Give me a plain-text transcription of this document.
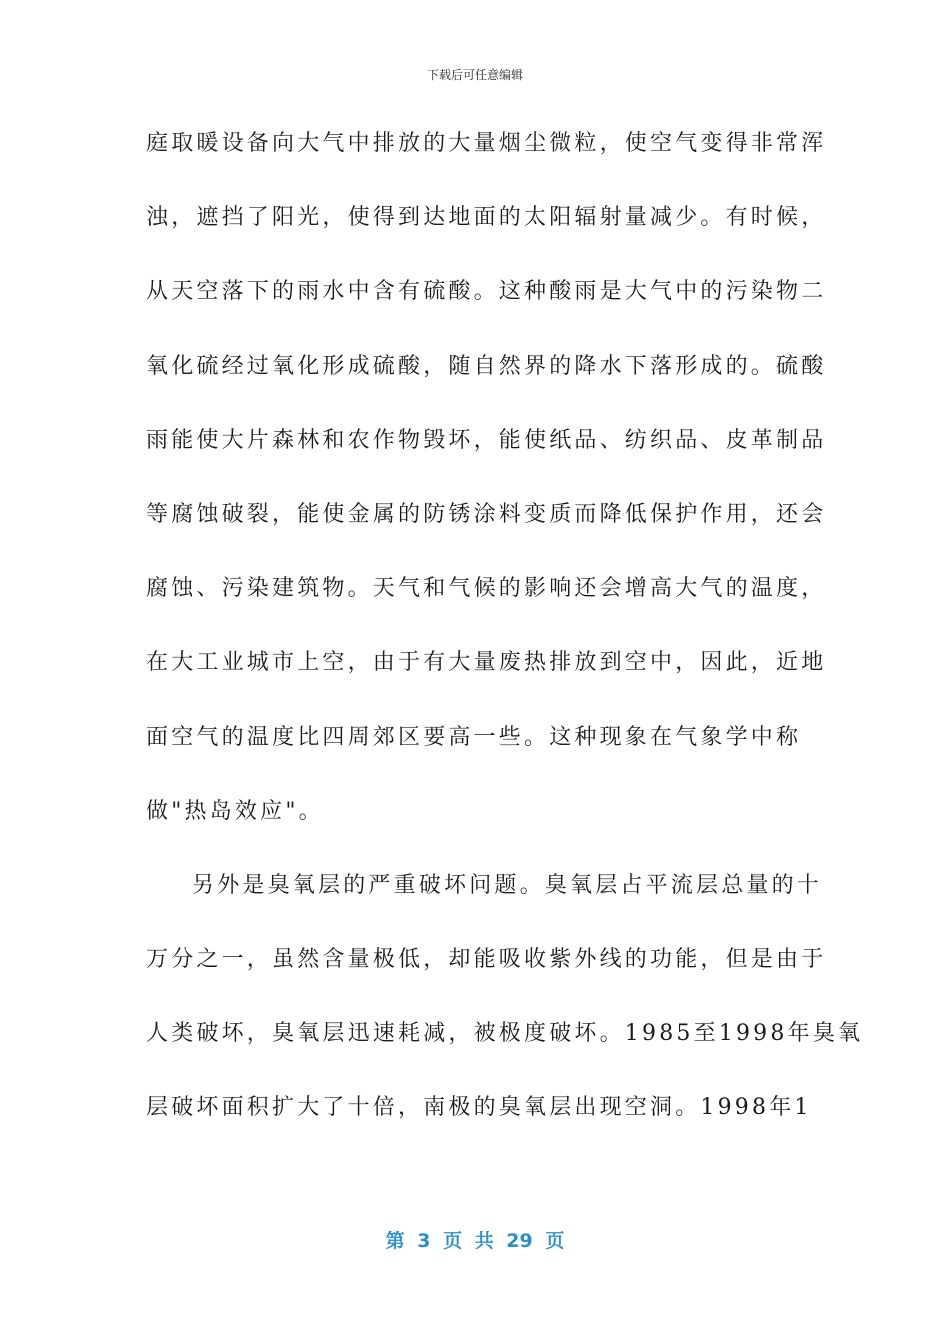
下载后可任意编辑
庭取暖设备向大气中排放的大量烟尘微粒，使空气变得非常浑
浊，遮挡了阳光，使得到达地面的太阳辐射量减少。有时候，
从天空落下的雨水中含有硫酸。这种酸雨是大气中的污染物二
氧化硫经过氧化形成硫酸，随自然界的降水下落形成的。硫酸
雨能使大片森林和农作物毁坏，能使纸品、纺织品、皮革制品
等腐蚀破裂，能使金属的防锈涂料变质而降低保护作用，还会
腐蚀、污染建筑物。天气和气候的影响还会增高大气的温度，
在大工业城市上空，由于有大量废热排放到空中，因此，近地
面空气的温度比四周郊区要高一些。这种现象在气象学中称
做"热岛效应"。
另外是臭氧层的严重破坏问题。臭氧层占平流层总量的十
万分之一，虽然含量极低，却能吸收紫外线的功能，但是由于
人类破坏，臭氧层迅速耗减，被极度破坏。1985至1998年臭氧
层破坏面积扩大了十倍，南极的臭氧层出现空洞。1998年1
第 3 页 共 29 页
